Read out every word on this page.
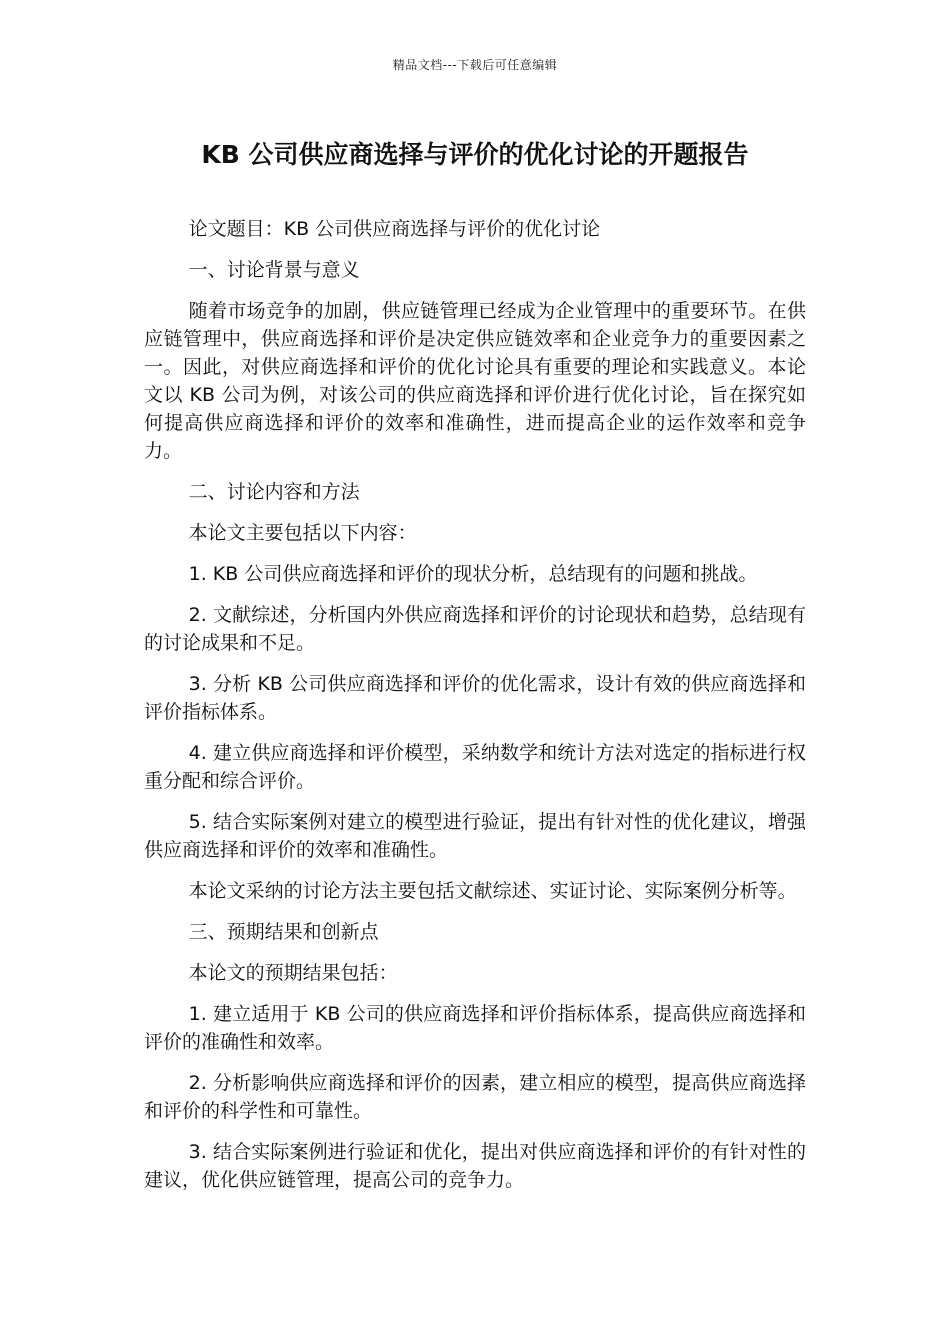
精品文档---下载后可任意编辑
KB 公司供应商选择与评价的优化讨论的开题报告

论文题目：KB 公司供应商选择与评价的优化讨论

一、讨论背景与意义

随着市场竞争的加剧，供应链管理已经成为企业管理中的重要环节。在供应链管理中，供应商选择和评价是决定供应链效率和企业竞争力的重要因素之一。因此，对供应商选择和评价的优化讨论具有重要的理论和实践意义。本论文以 KB 公司为例，对该公司的供应商选择和评价进行优化讨论，旨在探究如何提高供应商选择和评价的效率和准确性，进而提高企业的运作效率和竞争力。

二、讨论内容和方法

本论文主要包括以下内容：

1. KB 公司供应商选择和评价的现状分析，总结现有的问题和挑战。

2. 文献综述，分析国内外供应商选择和评价的讨论现状和趋势，总结现有的讨论成果和不足。

3. 分析 KB 公司供应商选择和评价的优化需求，设计有效的供应商选择和评价指标体系。

4. 建立供应商选择和评价模型，采纳数学和统计方法对选定的指标进行权重分配和综合评价。

5. 结合实际案例对建立的模型进行验证，提出有针对性的优化建议，增强供应商选择和评价的效率和准确性。

本论文采纳的讨论方法主要包括文献综述、实证讨论、实际案例分析等。

三、预期结果和创新点

本论文的预期结果包括：

1. 建立适用于 KB 公司的供应商选择和评价指标体系，提高供应商选择和评价的准确性和效率。

2. 分析影响供应商选择和评价的因素，建立相应的模型，提高供应商选择和评价的科学性和可靠性。

3. 结合实际案例进行验证和优化，提出对供应商选择和评价的有针对性的建议，优化供应链管理，提高公司的竞争力。
